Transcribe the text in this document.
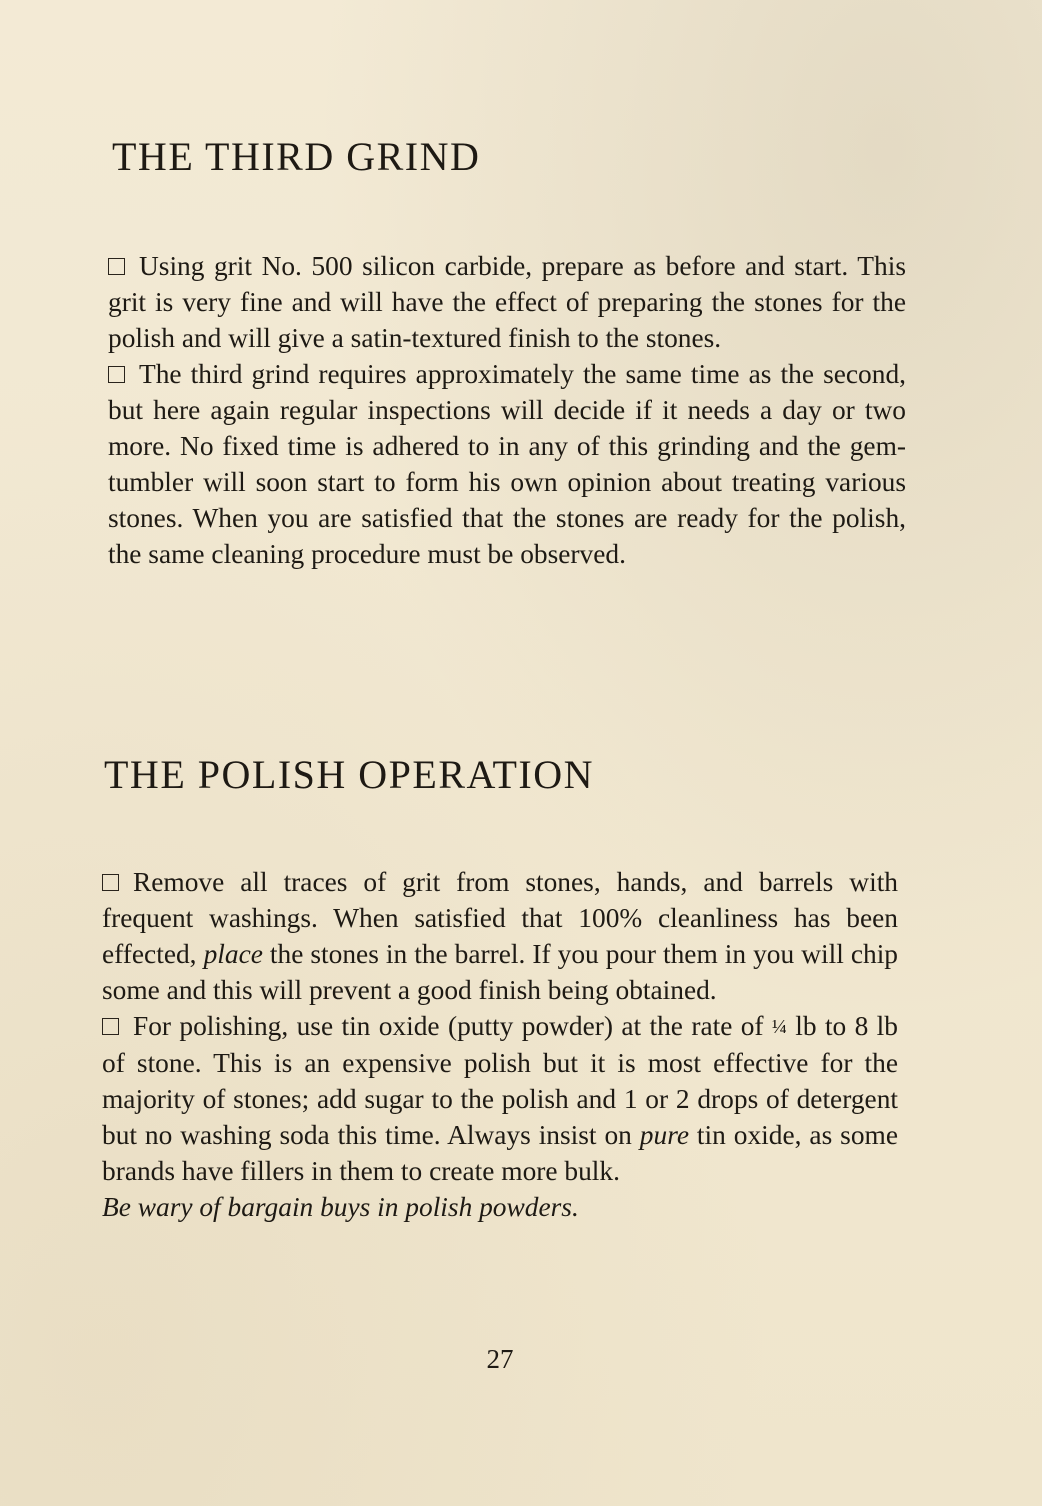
THE THIRD GRIND

Using grit No. 500 silicon carbide, prepare as before and start. This grit is very fine and will have the effect of preparing the stones for the polish and will give a satin-textured finish to the stones.

The third grind requires approximately the same time as the second, but here again regular inspections will decide if it needs a day or two more. No fixed time is adhered to in any of this grinding and the gem-tumbler will soon start to form his own opinion about treating various stones. When you are satisfied that the stones are ready for the polish, the same cleaning procedure must be observed.

THE POLISH OPERATION

Remove all traces of grit from stones, hands, and barrels with frequent washings. When satisfied that 100% cleanliness has been effected, place the stones in the barrel. If you pour them in you will chip some and this will prevent a good finish being obtained.

For polishing, use tin oxide (putty powder) at the rate of ¼ lb to 8 lb of stone. This is an expensive polish but it is most effective for the majority of stones; add sugar to the polish and 1 or 2 drops of detergent but no washing soda this time. Always insist on pure tin oxide, as some brands have fillers in them to create more bulk.

Be wary of bargain buys in polish powders.

27
